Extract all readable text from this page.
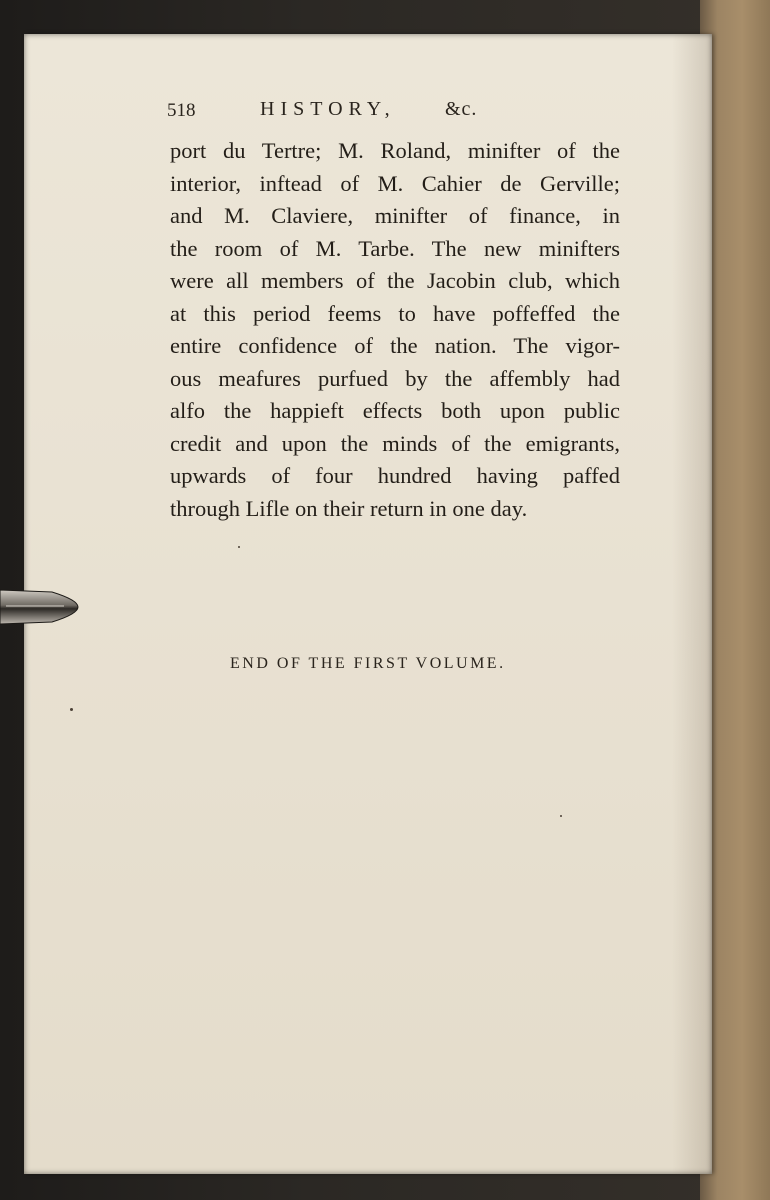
518	HISTORY, &c.
port du Tertre; M. Roland, minifter of the
interior, inftead of M. Cahier de Gerville;
and M. Claviere, minifter of finance, in
the room of M. Tarbe. The new minifters
were all members of the Jacobin club, which
at this period feems to have poffeffed the
entire confidence of the nation. The vigor-
ous meafures purfued by the affembly had
alfo the happieft effects both upon public
credit and upon the minds of the emigrants,
upwards of four hundred having paffed
through Lifle on their return in one day.
END OF THE FIRST VOLUME.
